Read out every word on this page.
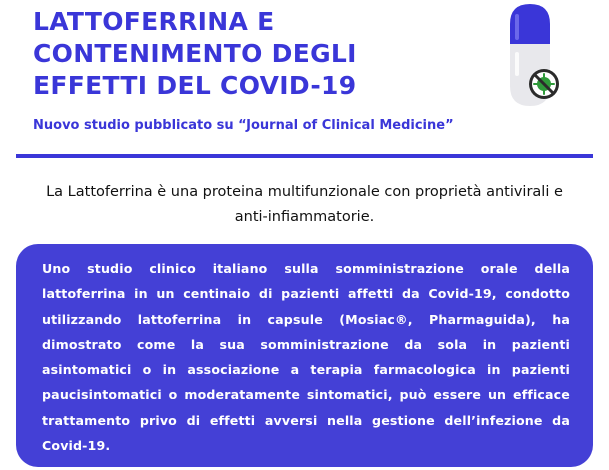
LATTOFERRINA E
CONTENIMENTO DEGLI
EFFETTI DEL COVID-19
Nuovo studio pubblicato su “Journal of Clinical Medicine”

La Lattoferrina è una proteina multifunzionale con proprietà antivirali e anti-infiammatorie.

Uno studio clinico italiano sulla somministrazione orale della lattoferrina in un centinaio di pazienti affetti da Covid-19, condotto utilizzando lattoferrina in capsule (Mosiac®, Pharmaguida), ha dimostrato come la sua somministrazione da sola in pazienti asintomatici o in associazione a terapia farmacologica in pazienti paucisintomatici o moderatamente sintomatici, può essere un efficace trattamento privo di effetti avversi nella gestione dell’infezione da Covid-19.
